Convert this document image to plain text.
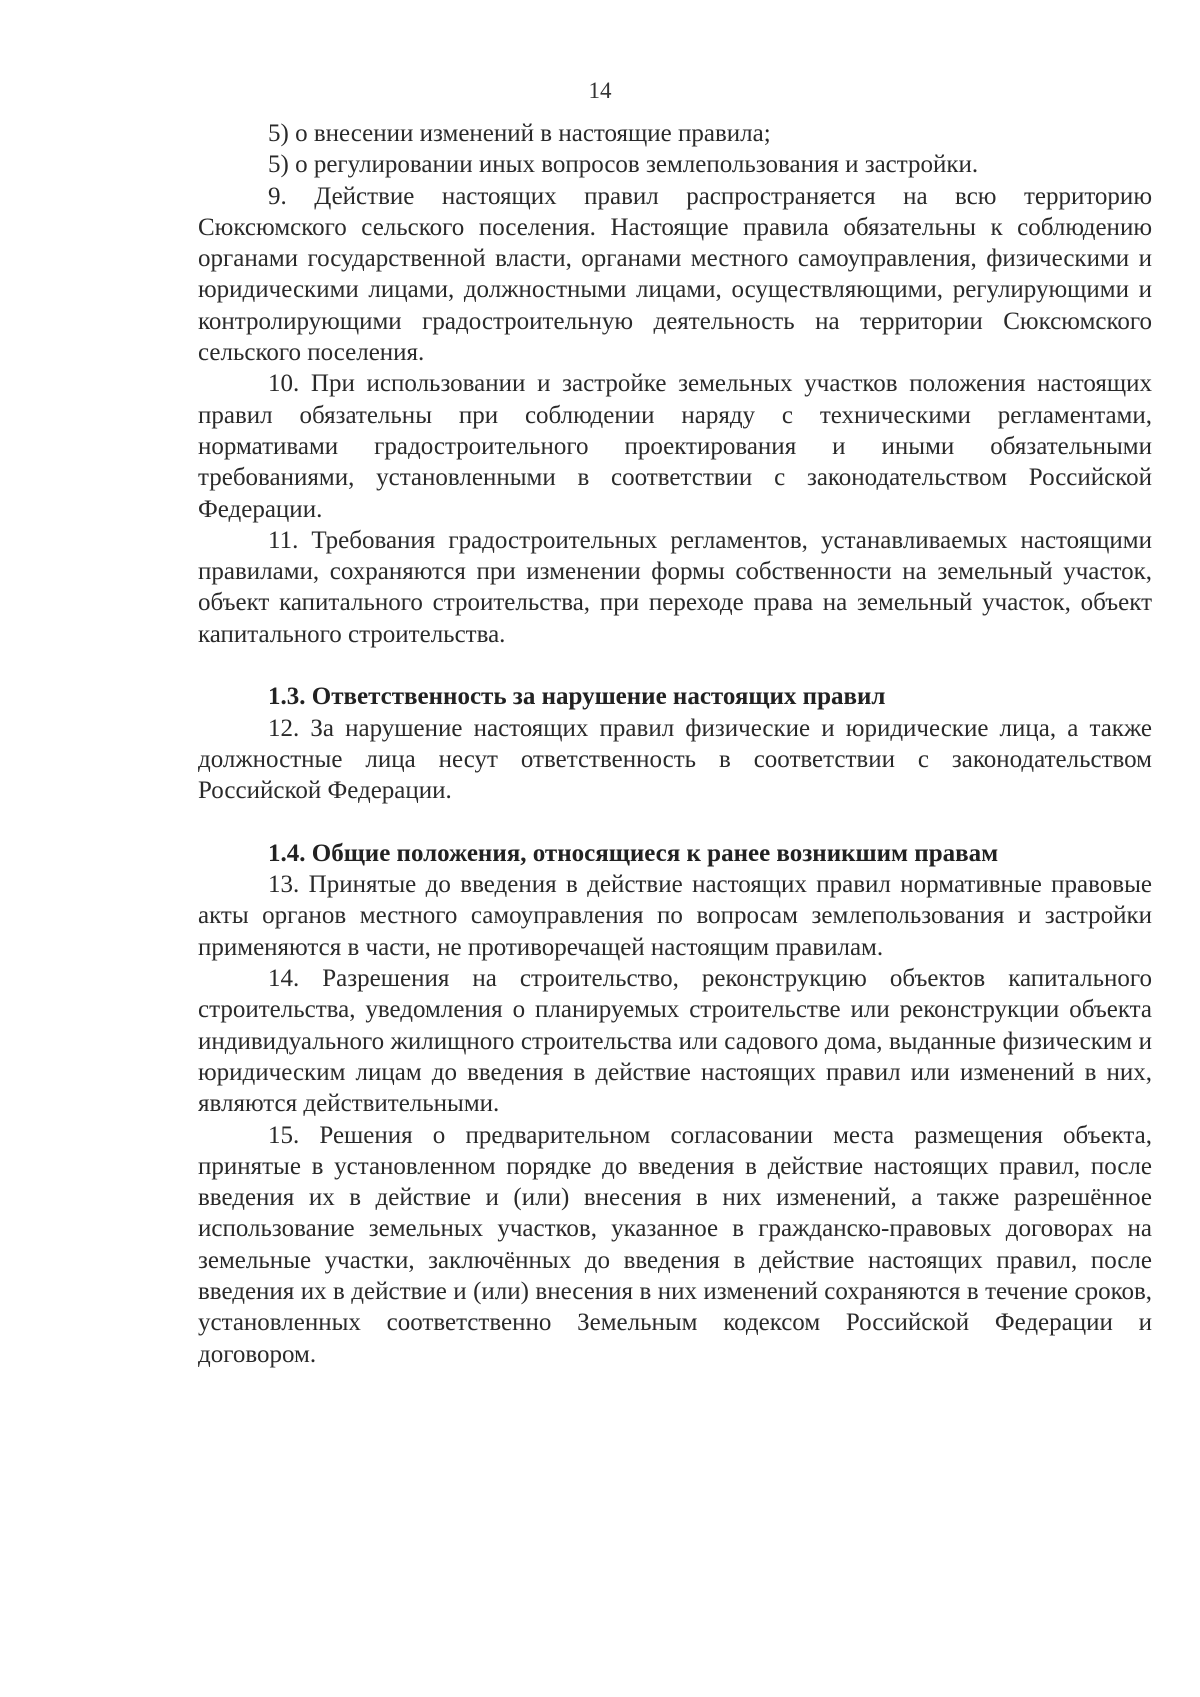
14

5) о внесении изменений в настоящие правила;

5) о регулировании иных вопросов землепользования и застройки.

9. Действие настоящих правил распространяется на всю территорию Сюксюмского сельского поселения. Настоящие правила обязательны к соблюдению органами государственной власти, органами местного самоуправления, физическими и юридическими лицами, должностными лицами, осуществляющими, регулирующими и контролирующими градостроительную деятельность на территории Сюксюмского сельского поселения.

10. При использовании и застройке земельных участков положения настоящих правил обязательны при соблюдении наряду с техническими регламентами, нормативами градостроительного проектирования и иными обязательными требованиями, установленными в соответствии с законодательством Российской Федерации.

11. Требования градостроительных регламентов, устанавливаемых настоящими правилами, сохраняются при изменении формы собственности на земельный участок, объект капитального строительства, при переходе права на земельный участок, объект капитального строительства.

1.3. Ответственность за нарушение настоящих правил

12. За нарушение настоящих правил физические и юридические лица, а также должностные лица несут ответственность в соответствии с законодательством Российской Федерации.

1.4. Общие положения, относящиеся к ранее возникшим правам

13. Принятые до введения в действие настоящих правил нормативные правовые акты органов местного самоуправления по вопросам землепользования и застройки применяются в части, не противоречащей настоящим правилам.

14. Разрешения на строительство, реконструкцию объектов капитального строительства, уведомления о планируемых строительстве или реконструкции объекта индивидуального жилищного строительства или садового дома, выданные физическим и юридическим лицам до введения в действие настоящих правил или изменений в них, являются действительными.

15. Решения о предварительном согласовании места размещения объекта, принятые в установленном порядке до введения в действие настоящих правил, после введения их в действие и (или) внесения в них изменений, а также разрешённое использование земельных участков, указанное в гражданско-правовых договорах на земельные участки, заключённых до введения в действие настоящих правил, после введения их в действие и (или) внесения в них изменений сохраняются в течение сроков, установленных соответственно Земельным кодексом Российской Федерации и договором.
